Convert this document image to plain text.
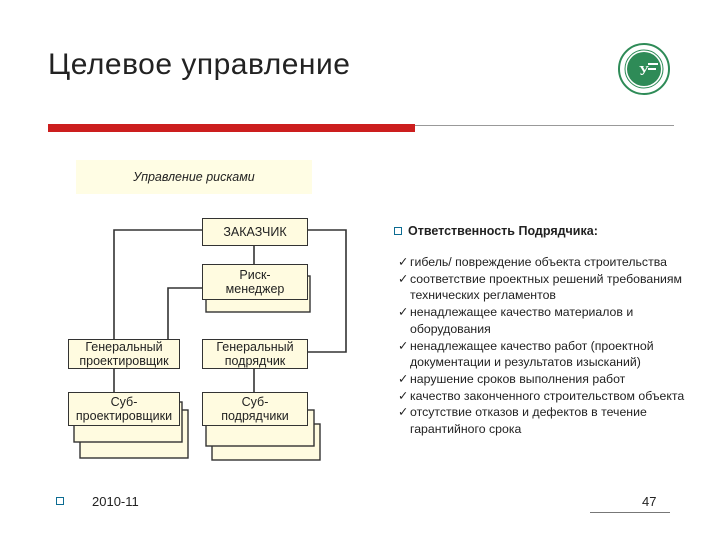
Целевое управление	У
Управление рисками
ЗАКАЗЧИК
Риск-
менеджер
Генеральный
проектировщик
Генеральный
подрядчик
Суб-
проектировщики
Суб-
подрядчики
Ответственность Подрядчика:
✓ гибель/ повреждение объекта строительства
✓ соответствие проектных решений требованиям технических регламентов
✓ ненадлежащее качество материалов и оборудования
✓ ненадлежащее качество работ (проектной документации и результатов изысканий)
✓ нарушение сроков выполнения работ
✓ качество законченного строительством объекта
✓ отсутствие отказов и дефектов в течение гарантийного срока
2010-11	47
